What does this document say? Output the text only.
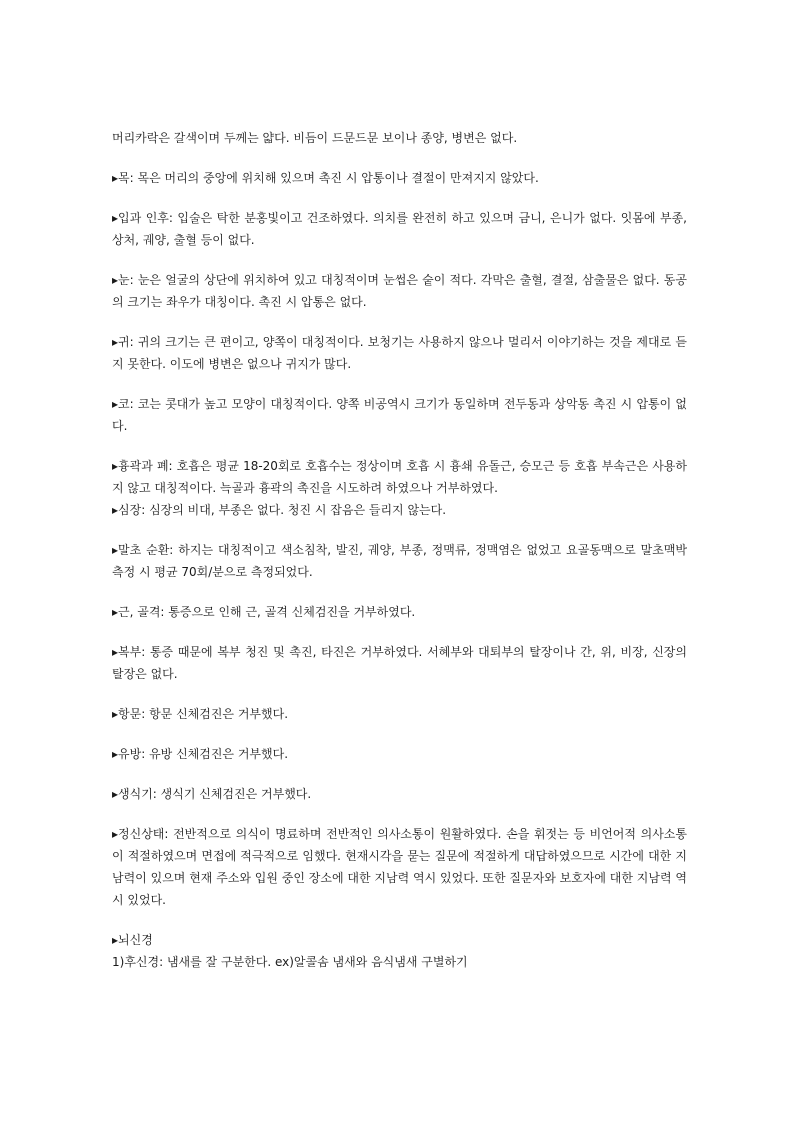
머리카락은 갈색이며 두께는 얇다. 비듬이 드문드문 보이나 종양, 병변은 없다.

▸목: 목은 머리의 중앙에 위치해 있으며 촉진 시 압통이나 결절이 만져지지 않았다.

▸입과 인후: 입술은 탁한 분홍빛이고 건조하였다. 의치를 완전히 하고 있으며 금니, 은니가 없다. 잇몸에 부종, 상처, 궤양, 출혈 등이 없다.

▸눈: 눈은 얼굴의 상단에 위치하여 있고 대칭적이며 눈썹은 숱이 적다. 각막은 출혈, 결절, 삼출물은 없다. 동공의 크기는 좌우가 대칭이다. 촉진 시 압통은 없다.

▸귀: 귀의 크기는 큰 편이고, 양쪽이 대칭적이다. 보청기는 사용하지 않으나 멀리서 이야기하는 것을 제대로 듣지 못한다. 이도에 병변은 없으나 귀지가 많다.

▸코: 코는 콧대가 높고 모양이 대칭적이다. 양쪽 비공역시 크기가 동일하며 전두동과 상악동 촉진 시 압통이 없다.

▸흉곽과 폐: 호흡은 평균 18-20회로 호흡수는 정상이며 호흡 시 흉쇄 유돌근, 승모근 등 호흡 부속근은 사용하지 않고 대칭적이다. 늑골과 흉곽의 촉진을 시도하려 하였으나 거부하였다.
▸심장: 심장의 비대, 부종은 없다. 청진 시 잡음은 들리지 않는다.

▸말초 순환: 하지는 대칭적이고 색소침착, 발진, 궤양, 부종, 정맥류, 정맥염은 없었고 요골동맥으로 말초맥박 측정 시 평균 70회/분으로 측정되었다.

▸근, 골격: 통증으로 인해 근, 골격 신체검진을 거부하였다.

▸복부: 통증 때문에 복부 청진 및 촉진, 타진은 거부하였다. 서혜부와 대퇴부의 탈장이나 간, 위, 비장, 신장의 탈장은 없다.

▸항문: 항문 신체검진은 거부했다.

▸유방: 유방 신체검진은 거부했다.

▸생식기: 생식기 신체검진은 거부했다.

▸정신상태: 전반적으로 의식이 명료하며 전반적인 의사소통이 원활하였다. 손을 휘젓는 등 비언어적 의사소통이 적절하였으며 면접에 적극적으로 임했다. 현재시각을 묻는 질문에 적절하게 대답하였으므로 시간에 대한 지남력이 있으며 현재 주소와 입원 중인 장소에 대한 지남력 역시 있었다. 또한 질문자와 보호자에 대한 지남력 역시 있었다.

▸뇌신경
1)후신경: 냄새를 잘 구분한다. ex)알콜솜 냄새와 음식냄새 구별하기
